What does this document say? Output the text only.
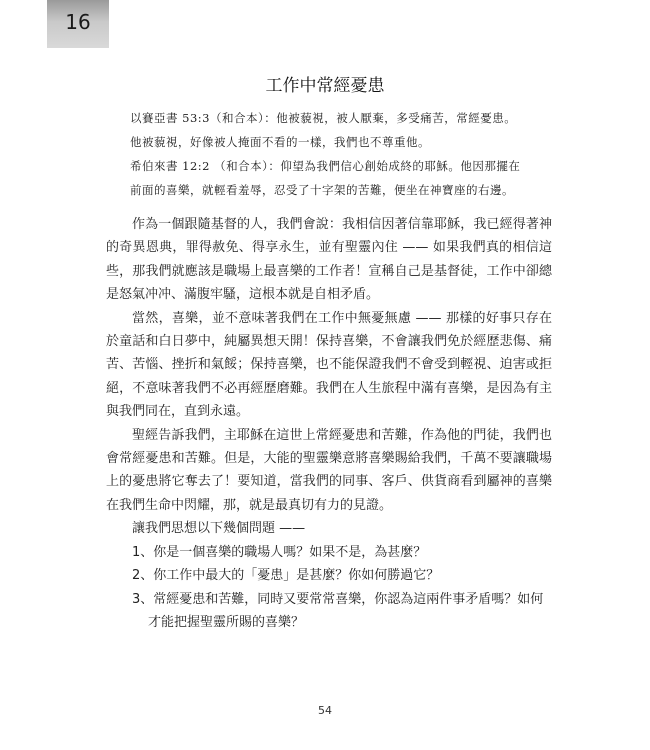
16
工作中常經憂患

以賽亞書 53:3（和合本）：他被藐視，被人厭棄，多受痛苦，常經憂患。

他被藐視，好像被人掩面不看的一樣，我們也不尊重他。

希伯來書 12:2 （和合本）：仰望為我們信心創始成終的耶穌。他因那擺在

前面的喜樂，就輕看羞辱，忍受了十字架的苦難，便坐在神寶座的右邊。

作為一個跟隨基督的人，我們會說：我相信因著信靠耶穌，我已經得著神的奇異恩典，罪得赦免、得享永生，並有聖靈內住 —— 如果我們真的相信這些，那我們就應該是職場上最喜樂的工作者！宣稱自己是基督徒，工作中卻總是怒氣冲冲、滿腹牢騷，這根本就是自相矛盾。

當然，喜樂，並不意味著我們在工作中無憂無慮 —— 那樣的好事只存在於童話和白日夢中，純屬異想天開！保持喜樂，不會讓我們免於經歷悲傷、痛苦、苦惱、挫折和氣餒；保持喜樂，也不能保證我們不會受到輕視、迫害或拒絕，不意味著我們不必再經歷磨難。我們在人生旅程中滿有喜樂，是因為有主與我們同在，直到永遠。

聖經告訴我們，主耶穌在這世上常經憂患和苦難，作為他的門徒，我們也會常經憂患和苦難。但是，大能的聖靈樂意將喜樂賜給我們，千萬不要讓職場上的憂患將它奪去了！要知道，當我們的同事、客戶、供貨商看到屬神的喜樂在我們生命中閃耀，那，就是最真切有力的見證。

讓我們思想以下幾個問題 ——

1、你是一個喜樂的職場人嗎？如果不是，為甚麼？
2、你工作中最大的「憂患」是甚麼？你如何勝過它？
3、常經憂患和苦難，同時又要常常喜樂，你認為這兩件事矛盾嗎？如何才能把握聖靈所賜的喜樂？
54
